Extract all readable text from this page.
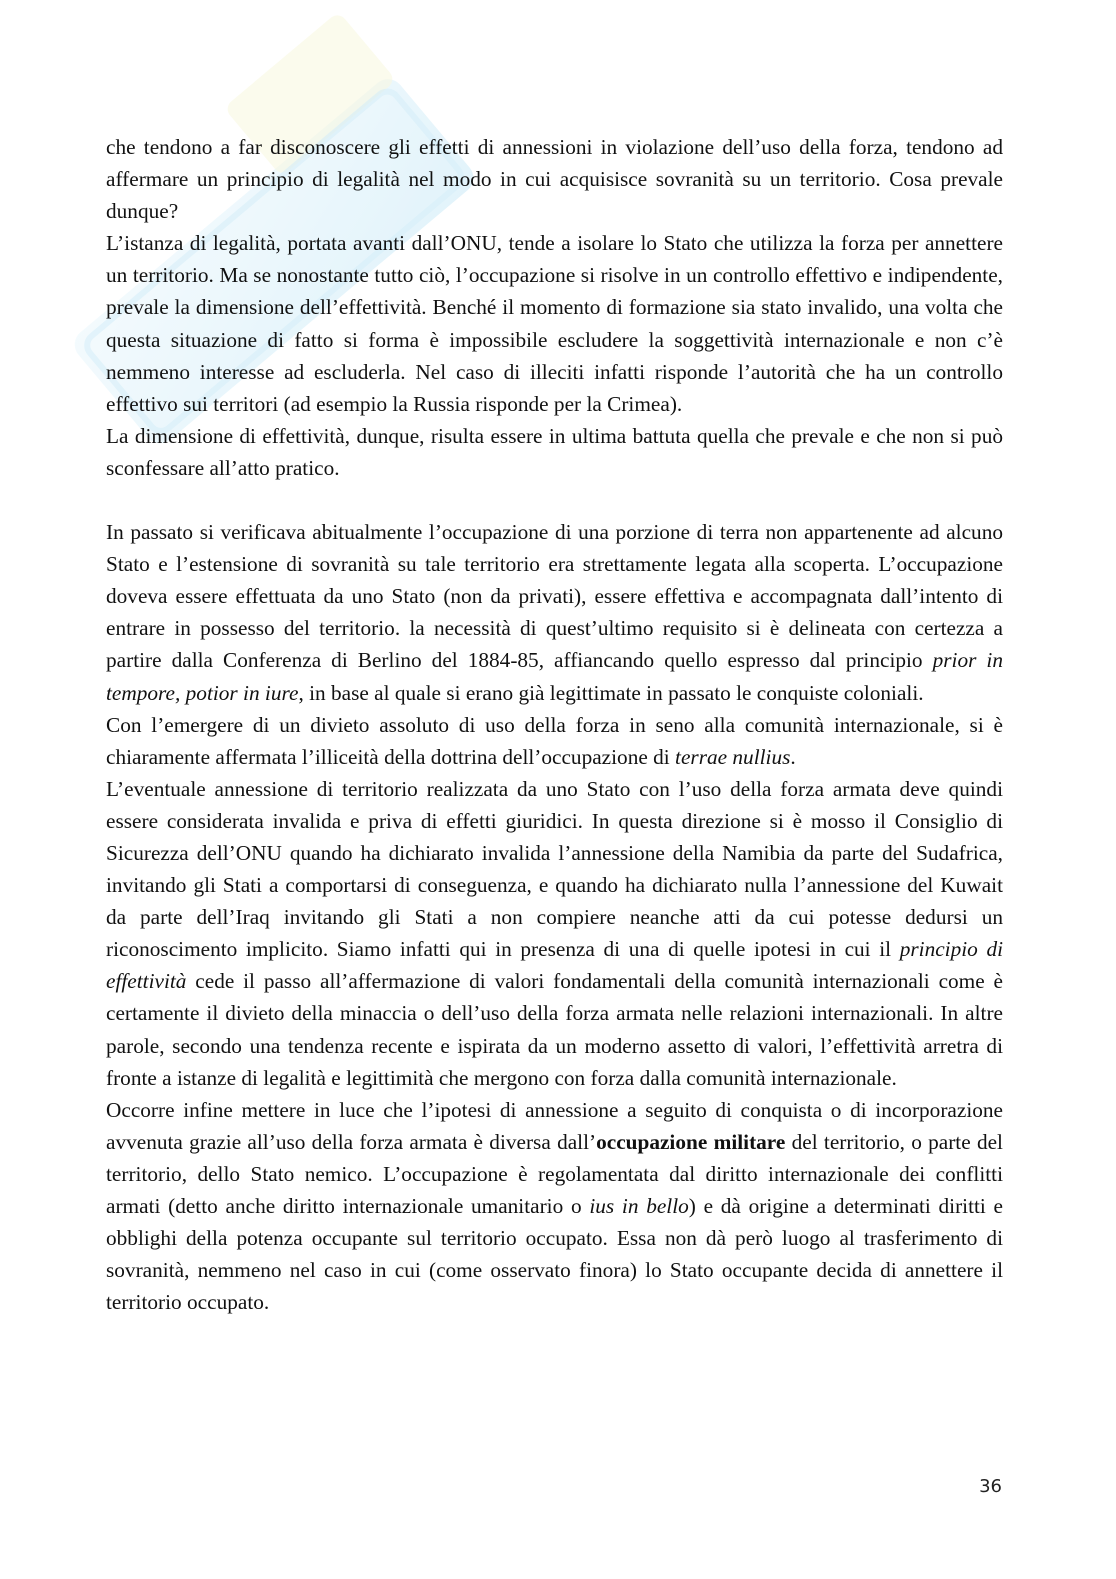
che tendono a far disconoscere gli effetti di annessioni in violazione dell’uso della forza, tendono ad affermare un principio di legalità nel modo in cui acquisisce sovranità su un territorio. Cosa prevale dunque?

L’istanza di legalità, portata avanti dall’ONU, tende a isolare lo Stato che utilizza la forza per annettere un territorio. Ma se nonostante tutto ciò, l’occupazione si risolve in un controllo effettivo e indipendente, prevale la dimensione dell’effettività. Benché il momento di formazione sia stato invalido, una volta che questa situazione di fatto si forma è impossibile escludere la soggettività internazionale e non c’è nemmeno interesse ad escluderla. Nel caso di illeciti infatti risponde l’autorità che ha un controllo effettivo sui territori (ad esempio la Russia risponde per la Crimea).

La dimensione di effettività, dunque, risulta essere in ultima battuta quella che prevale e che non si può sconfessare all’atto pratico.

In passato si verificava abitualmente l’occupazione di una porzione di terra non appartenente ad alcuno Stato e l’estensione di sovranità su tale territorio era strettamente legata alla scoperta. L’occupazione doveva essere effettuata da uno Stato (non da privati), essere effettiva e accompagnata dall’intento di entrare in possesso del territorio. la necessità di quest’ultimo requisito si è delineata con certezza a partire dalla Conferenza di Berlino del 1884-85, affiancando quello espresso dal principio prior in tempore, potior in iure, in base al quale si erano già legittimate in passato le conquiste coloniali.

Con l’emergere di un divieto assoluto di uso della forza in seno alla comunità internazionale, si è chiaramente affermata l’illiceità della dottrina dell’occupazione di terrae nullius.

L’eventuale annessione di territorio realizzata da uno Stato con l’uso della forza armata deve quindi essere considerata invalida e priva di effetti giuridici. In questa direzione si è mosso il Consiglio di Sicurezza dell’ONU quando ha dichiarato invalida l’annessione della Namibia da parte del Sudafrica, invitando gli Stati a comportarsi di conseguenza, e quando ha dichiarato nulla l’annessione del Kuwait da parte dell’Iraq invitando gli Stati a non compiere neanche atti da cui potesse dedursi un riconoscimento implicito. Siamo infatti qui in presenza di una di quelle ipotesi in cui il principio di effettività cede il passo all’affermazione di valori fondamentali della comunità internazionali come è certamente il divieto della minaccia o dell’uso della forza armata nelle relazioni internazionali. In altre parole, secondo una tendenza recente e ispirata da un moderno assetto di valori, l’effettività arretra di fronte a istanze di legalità e legittimità che mergono con forza dalla comunità internazionale.

Occorre infine mettere in luce che l’ipotesi di annessione a seguito di conquista o di incorporazione avvenuta grazie all’uso della forza armata è diversa dall’occupazione militare del territorio, o parte del territorio, dello Stato nemico. L’occupazione è regolamentata dal diritto internazionale dei conflitti armati (detto anche diritto internazionale umanitario o ius in bello) e dà origine a determinati diritti e obblighi della potenza occupante sul territorio occupato. Essa non dà però luogo al trasferimento di sovranità, nemmeno nel caso in cui (come osservato finora) lo Stato occupante decida di annettere il territorio occupato.

36
